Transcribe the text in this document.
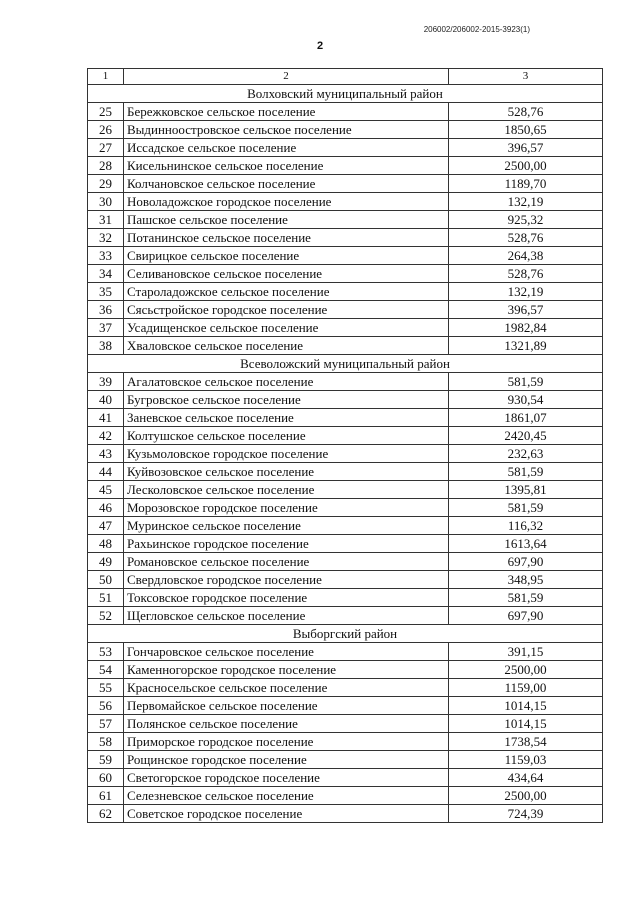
206002/206002-2015-3923(1)
2
1	2	3
Волховский муниципальный район		
25	Бережковское сельское поселение	528,76
26	Выдинноостровское сельское поселение	1850,65
27	Иссадское сельское поселение	396,57
28	Кисельнинское сельское поселение	2500,00
29	Колчановское сельское поселение	1189,70
30	Новоладожское городское поселение	132,19
31	Пашское сельское поселение	925,32
32	Потанинское сельское поселение	528,76
33	Свирицкое сельское поселение	264,38
34	Селивановское сельское поселение	528,76
35	Староладожское сельское поселение	132,19
36	Сясьстройское городское поселение	396,57
37	Усадищенское сельское поселение	1982,84
38	Хваловское сельское поселение	1321,89
Всеволожский муниципальный район		
39	Агалатовское сельское поселение	581,59
40	Бугровское сельское поселение	930,54
41	Заневское сельское поселение	1861,07
42	Колтушское сельское поселение	2420,45
43	Кузьмоловское городское поселение	232,63
44	Куйвозовское сельское поселение	581,59
45	Лесколовское сельское поселение	1395,81
46	Морозовское городское поселение	581,59
47	Муринское сельское поселение	116,32
48	Рахьинское городское поселение	1613,64
49	Романовское сельское поселение	697,90
50	Свердловское городское поселение	348,95
51	Токсовское городское поселение	581,59
52	Щегловское сельское поселение	697,90
Выборгский район		
53	Гончаровское сельское поселение	391,15
54	Каменногорское городское поселение	2500,00
55	Красносельское сельское поселение	1159,00
56	Первомайское сельское поселение	1014,15
57	Полянское сельское поселение	1014,15
58	Приморское городское поселение	1738,54
59	Рощинское городское поселение	1159,03
60	Светогорское городское поселение	434,64
61	Селезневское сельское поселение	2500,00
62	Советское городское поселение	724,39
